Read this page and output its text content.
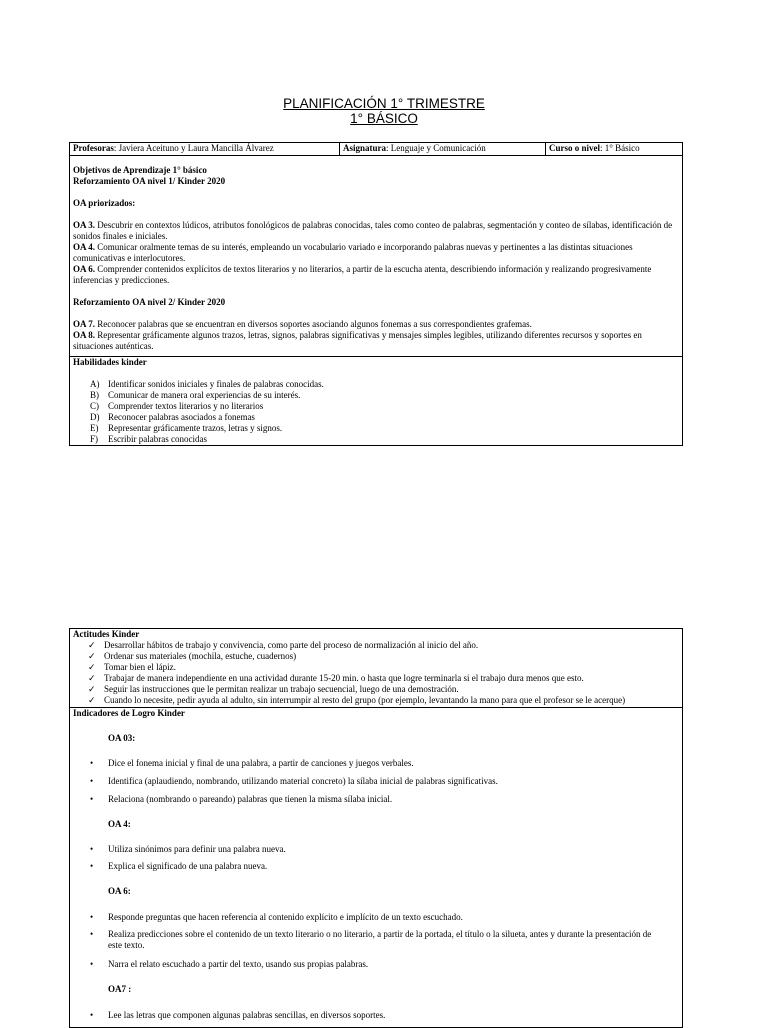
PLANIFICACIÓN 1° TRIMESTRE
1° BÁSICO
Profesoras: Javiera Aceituno y Laura Mancilla Álvarez	Asignatura: Lenguaje y Comunicación	Curso o nivel: 1° Básico

Objetivos de Aprendizaje 1° básico

Reforzamiento OA nivel 1/ Kinder 2020

OA priorizados:

OA 3. Descubrir en contextos lúdicos, atributos fonológicos de palabras conocidas, tales como conteo de palabras, segmentación y conteo de sílabas, identificación de sonidos finales e iniciales.

OA 4. Comunicar oralmente temas de su interés, empleando un vocabulario variado e incorporando palabras nuevas y pertinentes a las distintas situaciones comunicativas e interlocutores.

OA 6. Comprender contenidos explícitos de textos literarios y no literarios, a partir de la escucha atenta, describiendo información y realizando progresivamente inferencias y predicciones.

Reforzamiento OA nivel 2/ Kinder 2020

OA 7. Reconocer palabras que se encuentran en diversos soportes asociando algunos fonemas a sus correspondientes grafemas.

OA 8. Representar gráficamente algunos trazos, letras, signos, palabras significativas y mensajes simples legibles, utilizando diferentes recursos y soportes en situaciones auténticas.

Habilidades kinder
A) Identificar sonidos iniciales y finales de palabras conocidas.
B)	Comunicar de manera oral experiencias de su interés.
C)	Comprender textos literarios y no literarios
D) Reconocer palabras asociados a fonemas
E)	Representar gráficamente trazos, letras y signos.
F)	Escribir palabras conocidas
Actitudes Kinder
✓ Desarrollar hábitos de trabajo y convivencia, como parte del proceso de normalización al inicio del año.
✓ Ordenar sus materiales (mochila, estuche, cuadernos)
✓ Tomar bien el lápiz.
✓ Trabajar de manera independiente en una actividad durante 15-20 min. o hasta que logre terminarla si el trabajo dura menos que esto.
✓ Seguir las instrucciones que le permitan realizar un trabajo secuencial, luego de una demostración.
✓ Cuando lo necesite, pedir ayuda al adulto, sin interrumpir al resto del grupo (por ejemplo, levantando la mano para que el profesor se le acerque)
Indicadores de Logro Kinder
OA 03:
•	Dice el fonema inicial y final de una palabra, a partir de canciones y juegos verbales.
•	Identifica (aplaudiendo, nombrando, utilizando material concreto) la sílaba inicial de palabras significativas.
•	Relaciona (nombrando o pareando) palabras que tienen la misma sílaba inicial.
OA 4:
•	Utiliza sinónimos para definir una palabra nueva.
•	Explica el significado de una palabra nueva.
OA 6:
•	Responde preguntas que hacen referencia al contenido explícito e implícito de un texto escuchado.
•	Realiza predicciones sobre el contenido de un texto literario o no literario, a partir de la portada, el título o la silueta, antes y durante la presentación de este texto.
•	Narra el relato escuchado a partir del texto, usando sus propias palabras.
OA7 :
•	Lee las letras que componen algunas palabras sencillas, en diversos soportes.
